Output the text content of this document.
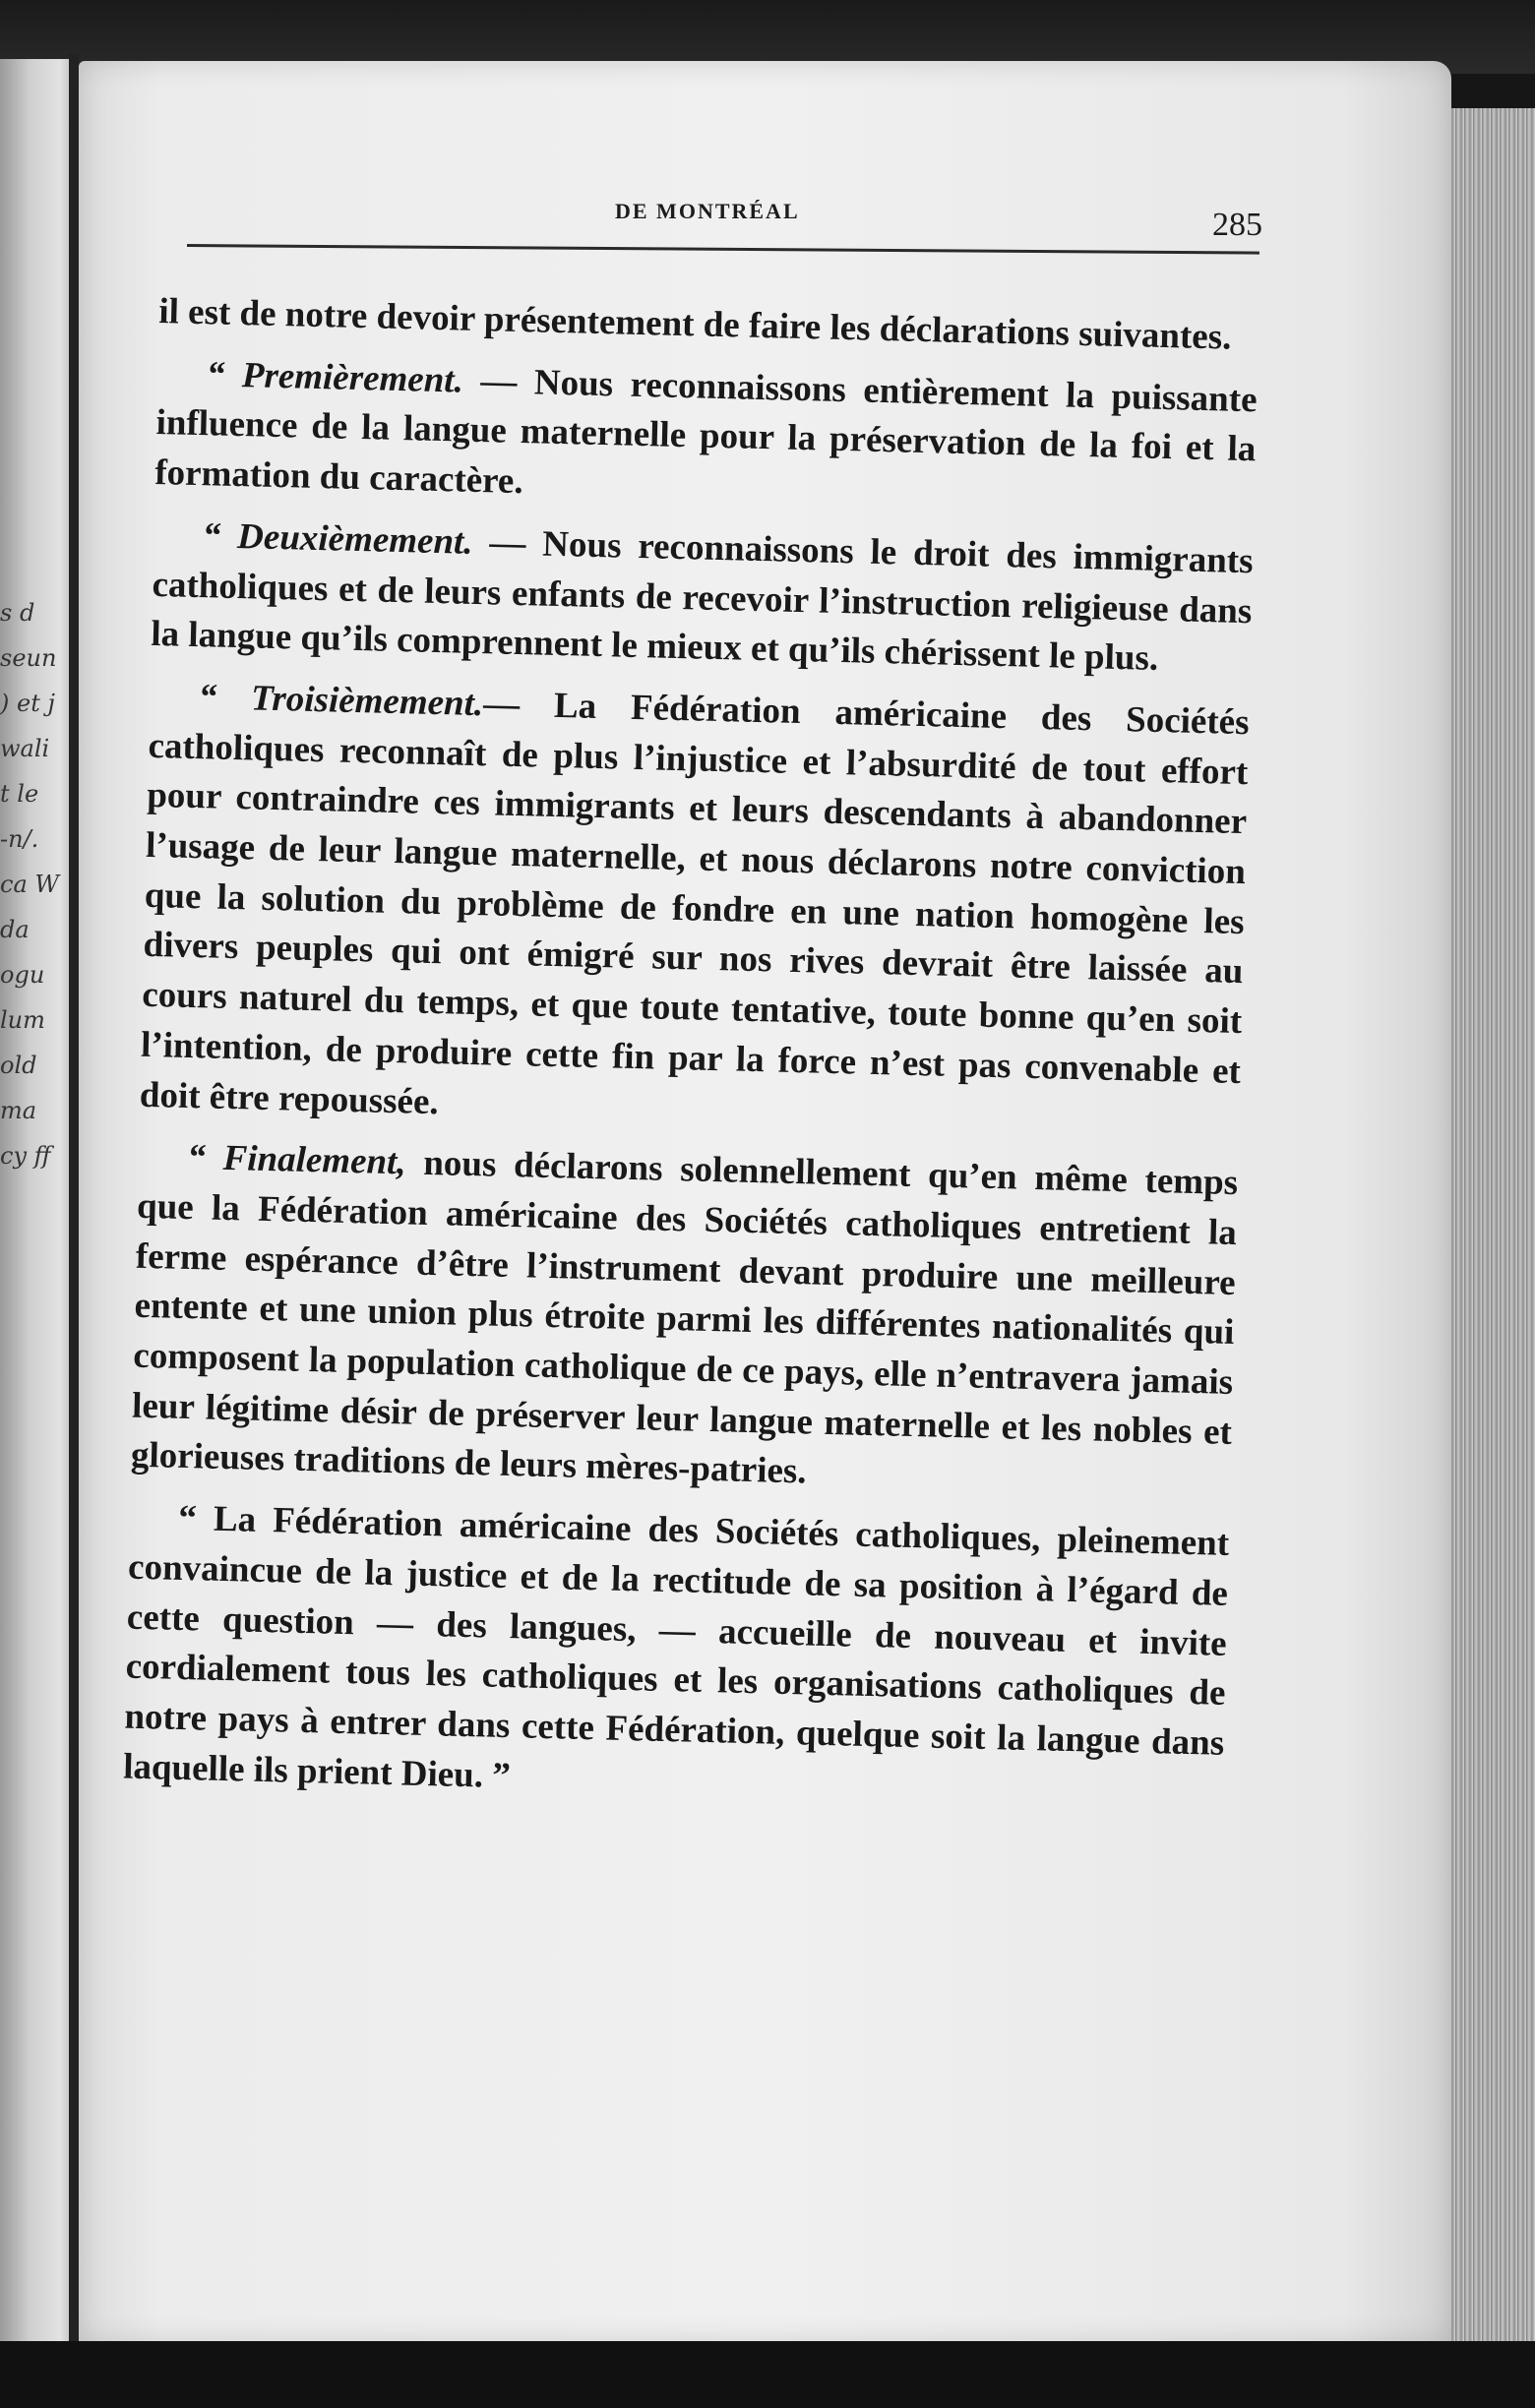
s d
seun
) et j
wali
t le
-n/.
ca W
da
ogu
lum
old
ma
cy ff
DE MONTRÉAL	285

il est de notre devoir présentement de faire les déclarations suivantes.

“ Premièrement. — Nous reconnaissons entièrement la puissante influence de la langue maternelle pour la préservation de la foi et la formation du caractère.

“ Deuxièmement. — Nous reconnaissons le droit des immigrants catholiques et de leurs enfants de recevoir l’instruction religieuse dans la langue qu’ils comprennent le mieux et qu’ils chérissent le plus.

“ Troisièmement.— La Fédération américaine des Sociétés catholiques reconnaît de plus l’injustice et l’absurdité de tout effort pour contraindre ces immigrants et leurs descendants à abandonner l’usage de leur langue maternelle, et nous déclarons notre conviction que la solution du problème de fondre en une nation homogène les divers peuples qui ont émigré sur nos rives devrait être laissée au cours naturel du temps, et que toute tentative, toute bonne qu’en soit l’intention, de produire cette fin par la force n’est pas convenable et doit être repoussée.

“ Finalement, nous déclarons solennellement qu’en même temps que la Fédération américaine des Sociétés catholiques entretient la ferme espérance d’être l’instrument devant produire une meilleure entente et une union plus étroite parmi les différentes nationalités qui composent la population catholique de ce pays, elle n’entravera jamais leur légitime désir de préserver leur langue maternelle et les nobles et glorieuses traditions de leurs mères-patries.

“ La Fédération américaine des Sociétés catholiques, pleinement convaincue de la justice et de la rectitude de sa position à l’égard de cette question — des langues, — accueille de nouveau et invite cordialement tous les catholiques et les organisations catholiques de notre pays à entrer dans cette Fédération, quelque soit la langue dans laquelle ils prient Dieu. ”
